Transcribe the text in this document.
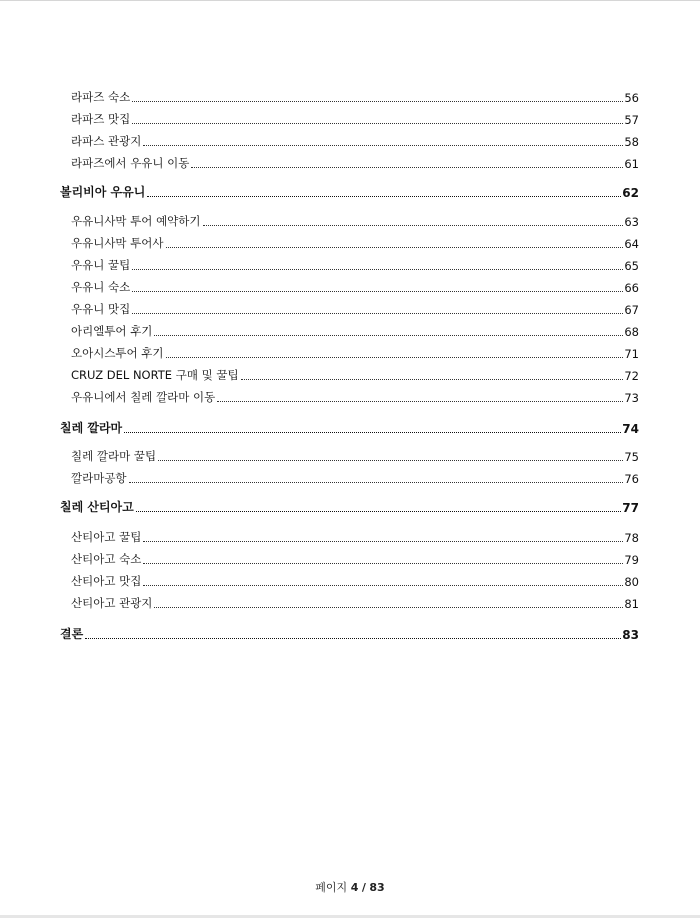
라파즈 숙소	56
라파즈 맛집	57
라파스 관광지	58
라파즈에서 우유니 이동	61
볼리비아 우유니	62
우유니사막 투어 예약하기	63
우유니사막 투어사	64
우유니 꿀팁	65
우유니 숙소	66
우유니 맛집	67
아리엘투어 후기	68
오아시스투어 후기	71
CRUZ DEL NORTE 구매 및 꿀팁	72
우유니에서 칠레 깔라마 이동	73
칠레 깔라마	74
칠레 깔라마 꿀팁	75
깔라마공항	76
칠레 산티아고	77
산티아고 꿀팁	78
산티아고 숙소	79
산티아고 맛집	80
산티아고 관광지	81
결론	83
페이지 4 / 83
